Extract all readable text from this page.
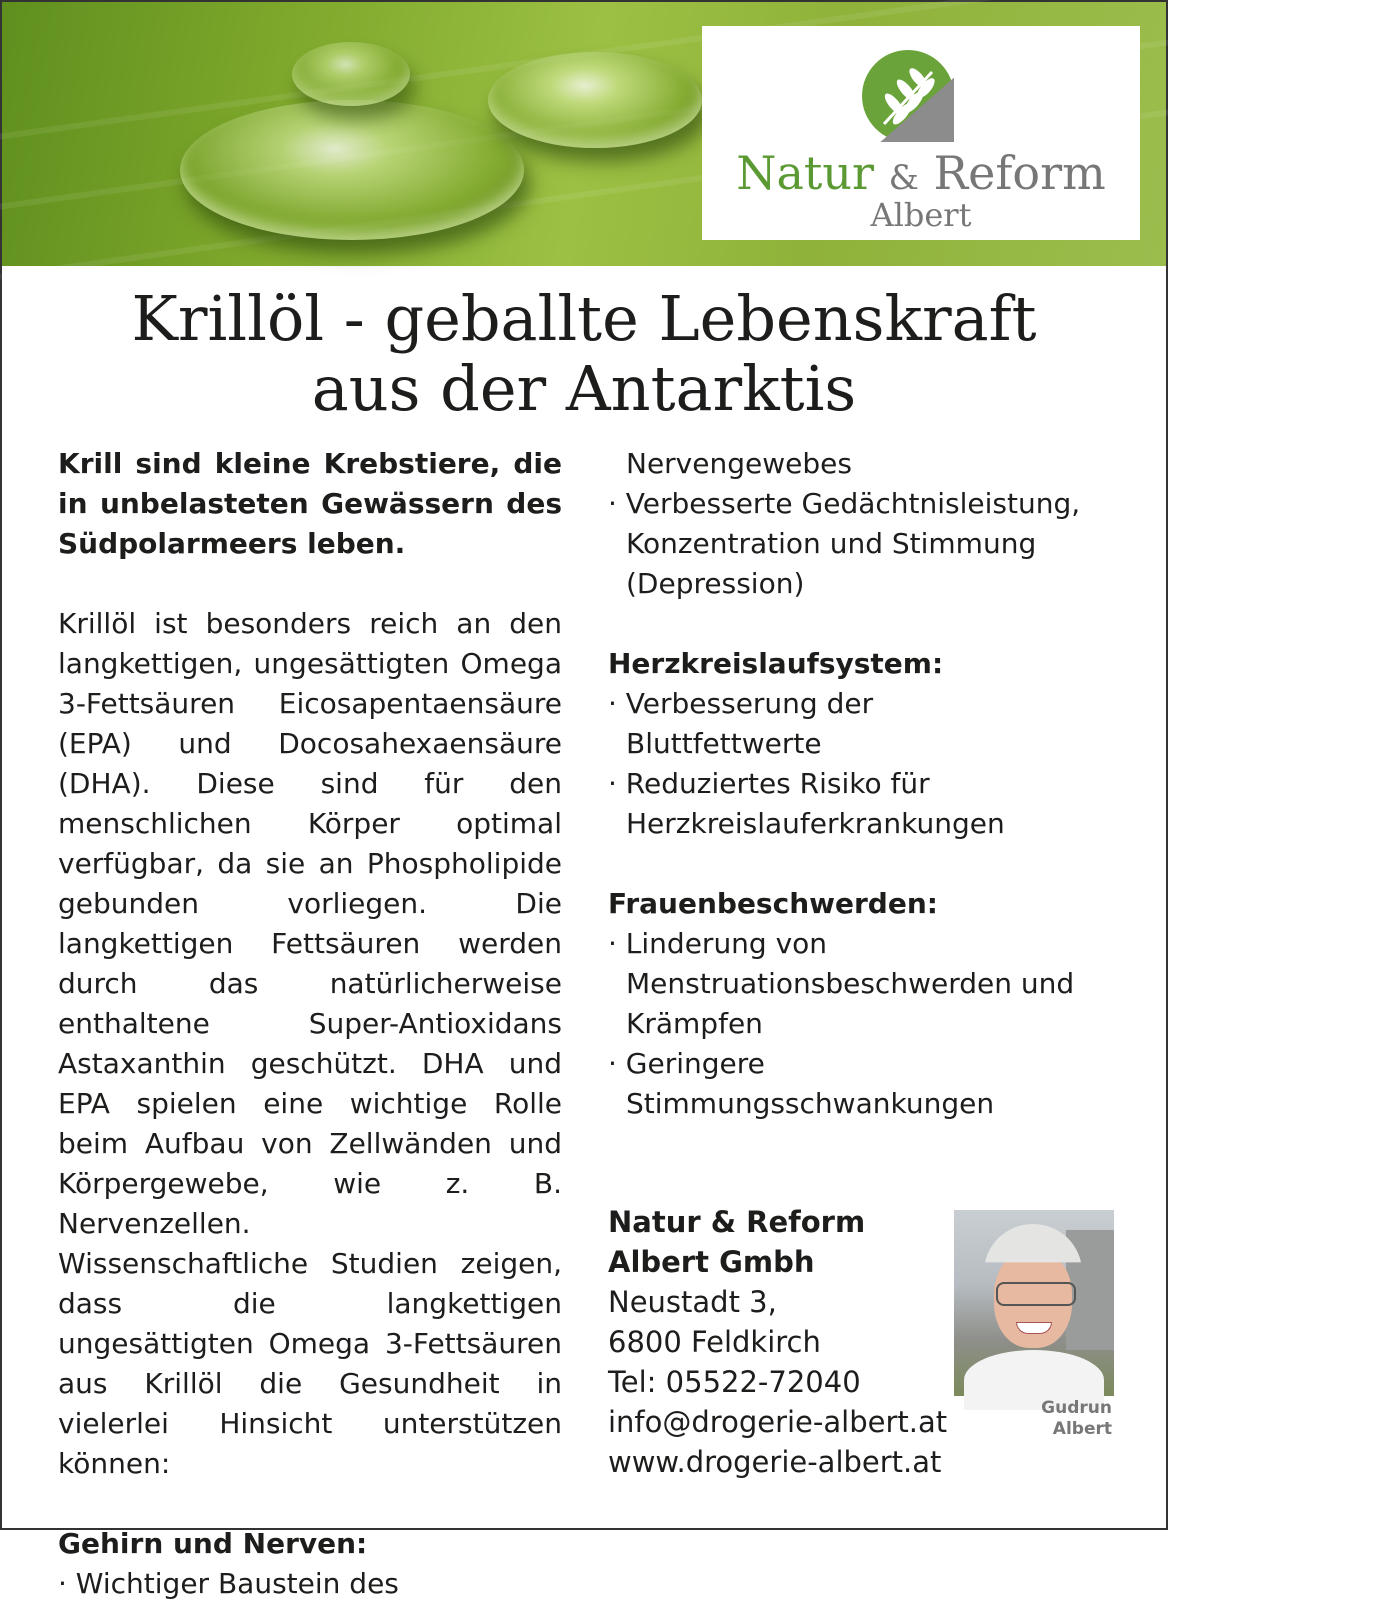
Natur & Reform
Albert
Krillöl - geballte Lebenskraft
aus der Antarktis
Krill sind kleine Krebstiere, die in unbelasteten Gewässern des Südpolarmeers leben.
Krillöl ist besonders reich an den langkettigen, ungesättigten Omega 3-Fettsäuren Eicosapentaensäure (EPA) und Docosahexaensäure (DHA). Diese sind für den menschlichen Körper optimal verfügbar, da sie an Phospholipide gebunden vorliegen. Die langkettigen Fettsäuren werden durch das natürlicherweise enthaltene Super-Antioxidans Astaxanthin geschützt. DHA und EPA spielen eine wichtige Rolle beim Aufbau von Zellwänden und Körpergewebe, wie z. B. Nervenzellen.
Wissenschaftliche Studien zeigen, dass die langkettigen ungesättigten Omega 3-Fettsäuren aus Krillöl die Gesundheit in vielerlei Hinsicht unterstützen können:
Gehirn und Nerven:
· Wichtiger Baustein des
Nervengewebes
· Verbesserte Gedächtnisleistung, Konzentration und Stimmung (Depression)
Herzkreislaufsystem:
· Verbesserung der Bluttfettwerte
· Reduziertes Risiko für Herzkreislauferkrankungen
Frauenbeschwerden:
· Linderung von Menstruationsbeschwerden und Krämpfen
· Geringere Stimmungsschwankungen
Natur & Reform
Albert Gmbh
Neustadt 3,
6800 Feldkirch
Tel: 05522-72040
info@drogerie-albert.at
www.drogerie-albert.at
Gudrun
Albert
